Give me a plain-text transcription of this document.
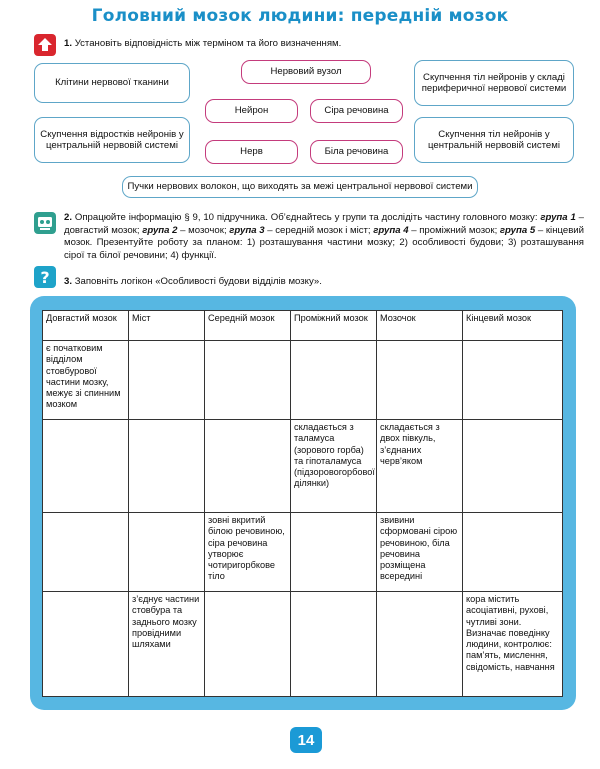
Головний мозок людини: передній мозок
1. Установіть відповідність між терміном та його визначенням.
Клітини нервової тканини
Скупчення тіл нейронів у складі периферичної нервової системи
Скупчення відростків нейронів у центральній нервовій системі
Скупчення тіл нейронів у центральній нервовій системі
Пучки нервових волокон, що виходять за межі центральної нервової системи
Нервовий вузол
Нейрон	Сіра речовина
Нерв	Біла речовина
2. Опрацюйте інформацію § 9, 10 підручника. Об’єднайтесь у групи та дослідіть частину головного мозку: група 1 – довгастий мозок; група 2 – мозочок; група 3 – середній мозок і міст; група 4 – проміжний мозок; група 5 – кінцевий мозок. Презентуйте роботу за планом: 1) розташування частини мозку; 2) особливості будови; 3) розташування сірої та білої речовини; 4) функції.
? 3. Заповніть логікон «Особливості будови відділів мозку».
Довгастий мозок	Міст	Середній мозок	Проміжний мозок	Мозочок	Кінцевий мозок
є початковим відділом стовбурової частини мозку, межує зі спинним мозком					
			складається з таламуса (зорового горба) та гіпоталамуса (підзоровогорбової ділянки)	складається з двох півкуль, з’єднаних черв’яком	
		зовні вкритий білою речовиною, сіра речовина утворює чотиригорбкове тіло		звивини сформовані сірою речовиною, біла речовина розміщена всередині	
	з’єднує частини стовбура та заднього мозку провідними шляхами				кора містить асоціативні, рухові, чутливі зони. Визначає поведінку людини, контролює: пам’ять, мислення, свідомість, навчання
14
